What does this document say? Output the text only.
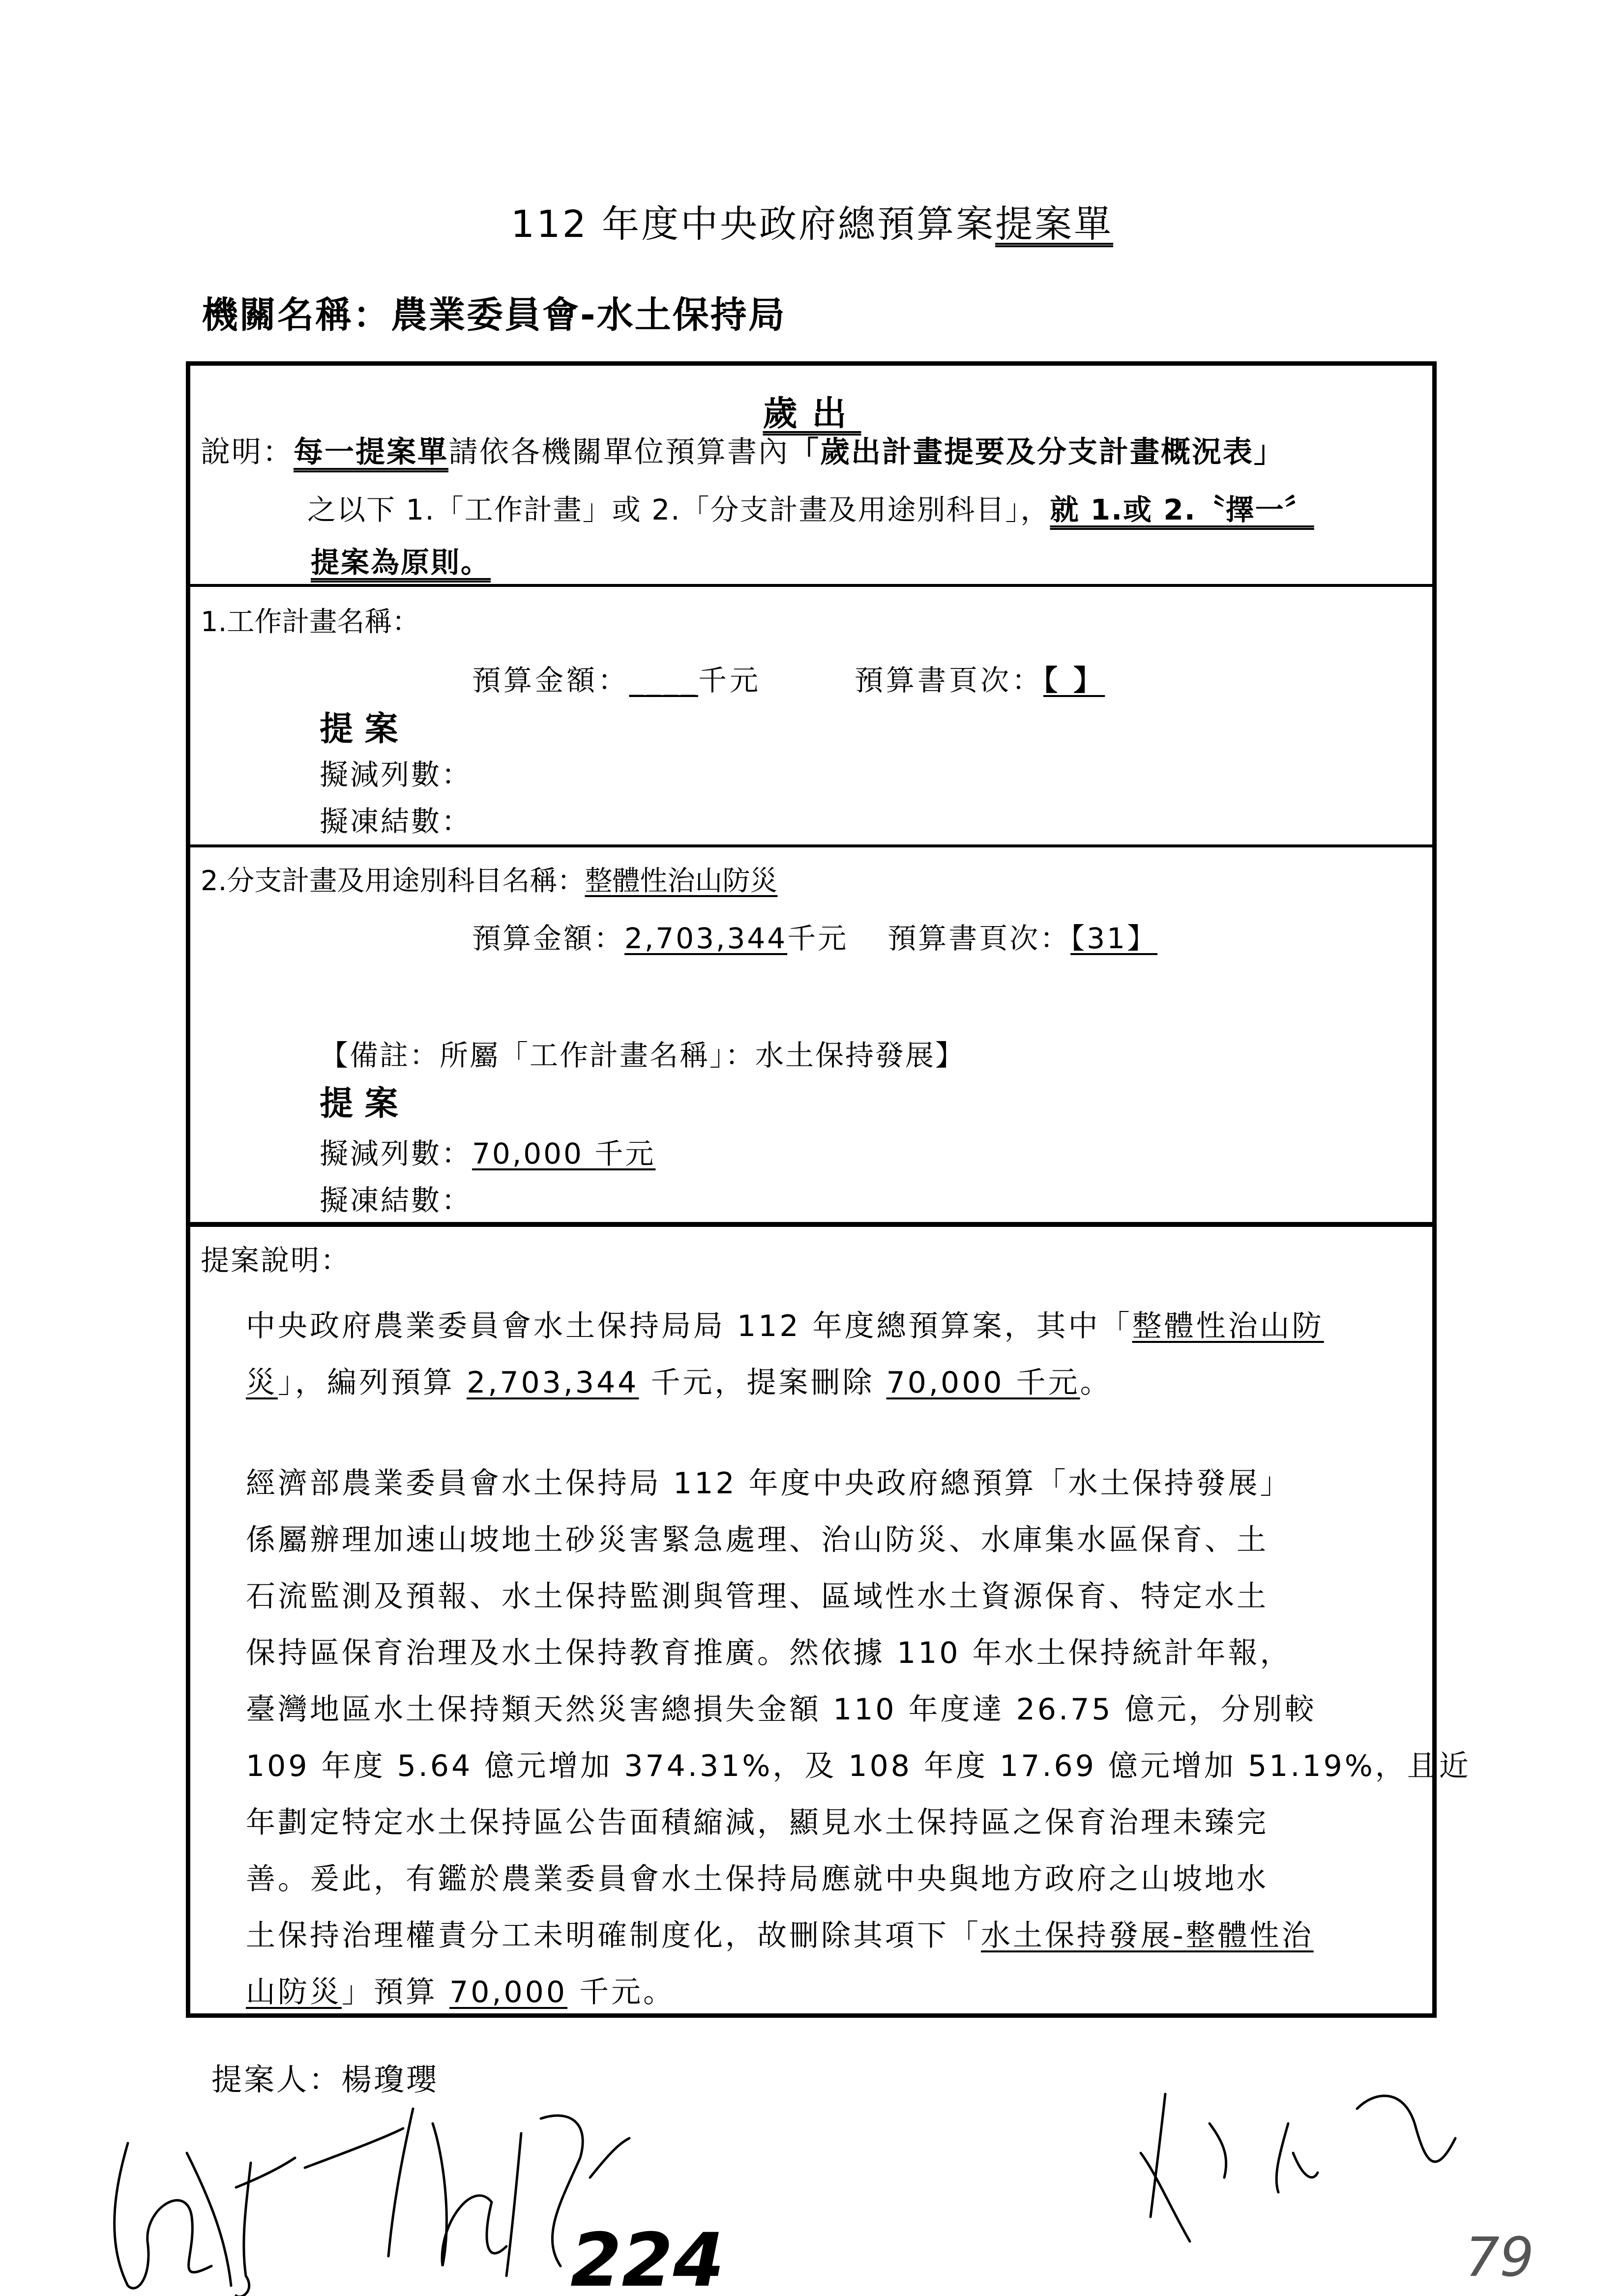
112 年度中央政府總預算案提案單
機關名稱：農業委員會-水土保持局
歲出
說明：每一提案單請依各機關單位預算書內「歲出計畫提要及分支計畫概況表」
之以下 1.「工作計畫」或 2.「分支計畫及用途別科目」，就 1.或 2.〝擇一〞
提案為原則。
1.工作計畫名稱：
預算金額：____千元	預算書頁次：【 】
提 案
擬減列數：
擬凍結數：
2.分支計畫及用途別科目名稱：整體性治山防災
預算金額：2,703,344千元 預算書頁次：【31】
【備註：所屬「工作計畫名稱」：水土保持發展】
提 案
擬減列數：70,000 千元
擬凍結數：
提案說明：
中央政府農業委員會水土保持局局 112 年度總預算案，其中「整體性治山防
災」，編列預算 2,703,344 千元，提案刪除 70,000 千元。
經濟部農業委員會水土保持局 112 年度中央政府總預算「水土保持發展」
係屬辦理加速山坡地土砂災害緊急處理、治山防災、水庫集水區保育、土
石流監測及預報、水土保持監測與管理、區域性水土資源保育、特定水土
保持區保育治理及水土保持教育推廣。然依據 110 年水土保持統計年報，
臺灣地區水土保持類天然災害總損失金額 110 年度達 26.75 億元，分別較
109 年度 5.64 億元增加 374.31%，及 108 年度 17.69 億元增加 51.19%，且近
年劃定特定水土保持區公告面積縮減，顯見水土保持區之保育治理未臻完
善。爰此，有鑑於農業委員會水土保持局應就中央與地方政府之山坡地水
土保持治理權責分工未明確制度化，故刪除其項下「水土保持發展-整體性治
山防災」預算 70,000 千元。
提案人：楊瓊瓔
224	79
